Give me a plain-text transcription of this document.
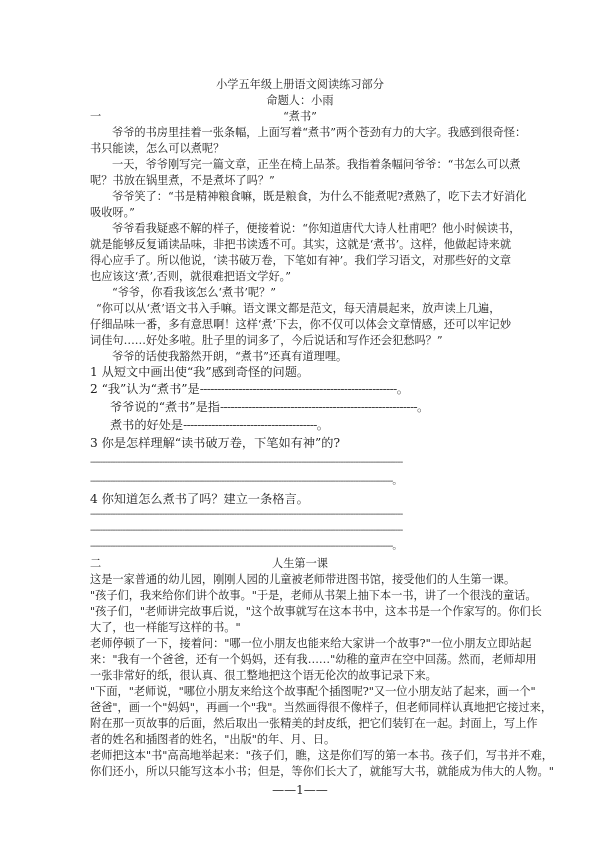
小学五年级上册语文阅读练习部分
命题人：小雨
一	“煮书”
爷爷的书房里挂着一张条幅，上面写着“煮书”两个苍劲有力的大字。我感到很奇怪：
书只能读，怎么可以煮呢？
一天，爷爷刚写完一篇文章，正坐在椅上品茶。我指着条幅问爷爷：“书怎么可以煮
呢？书放在锅里煮，不是煮坏了吗？”
爷爷笑了：“书是精神粮食嘛，既是粮食，为什么不能煮呢?煮熟了，吃下去才好消化
吸收呀。”
爷爷看我疑惑不解的样子，便接着说：“你知道唐代大诗人杜甫吧？他小时候读书，
就是能够反复诵读品味，非把书读透不可。其实，这就是‘煮书’。这样，他做起诗来就
得心应手了。所以他说，‘读书破万卷，下笔如有神’。我们学习语文，对那些好的文章
也应该这‘煮’,否则，就很难把语文学好。”
“爷爷，你看我该怎么‘煮书’呢？”
“你可以从‘煮’语文书入手嘛。语文课文都是范文，每天清晨起来，放声读上几遍，
仔细品味一番，多有意思啊！这样‘煮’下去，你不仅可以体会文章情感，还可以牢记妙
词佳句……好处多啦。肚子里的词多了，今后说话和写作还会犯愁吗？”
爷爷的话使我豁然开朗，“煮书”还真有道理哩。
1 从短文中画出使“我”感到奇怪的问题。
2 “我”认为“煮书”是--------------------------------------------------------。
爷爷说的“煮书”是指--------------------------------------------------------。
煮书的好处是--------------------------------------。
3 你是怎样理解“读书破万卷，下笔如有神”的?
------------------------------------------------------------------------------------------------------------------------------
--------------------------------------------------------------------------------------------------------------------------。
4 你知道怎么煮书了吗？建立一条格言。
------------------------------------------------------------------------------------------------------------------------------
------------------------------------------------------------------------------------------------------------------------------
--------------------------------------------------------------------------------------------------------------------------。
二	人生第一课
这是一家普通的幼儿园，刚刚人园的儿童被老师带进图书馆，接受他们的人生第一课。
"孩子们，我来给你们讲个故事。"于是，老师从书架上抽下本一书，讲了一个很浅的童话。
"孩子们，"老师讲完故事后说，"这个故事就写在这本书中，这本书是一个作家写的。你们长
大了，也一样能写这样的书。"
老师停顿了一下，接着问："哪一位小朋友也能来给大家讲一个故事?"一位小朋友立即站起
来："我有一个爸爸，还有一个妈妈，还有我……"幼稚的童声在空中回荡。然而，老师却用
一张非常好的纸，很认真、很工整地把这个语无伦次的故事记录下来。
"下面，"老师说，"哪位小朋友来给这个故事配个插图呢?"又一位小朋友站了起来，画一个"
爸爸"，画一个"妈妈"，再画一个"我"。当然画得很不像样子，但老师同样认真地把它接过来，
附在那一页故事的后面，然后取出一张精美的封皮纸，把它们装钉在一起。封面上，写上作
者的姓名和插图者的姓名，"出版"的年、月、日。
老师把这本"书"高高地举起来："孩子们，瞧，这是你们写的第一本书。孩子们，写书并不难，
你们还小，所以只能写这本小书；但是，等你们长大了，就能写大书，就能成为伟大的人物。"
——1——
